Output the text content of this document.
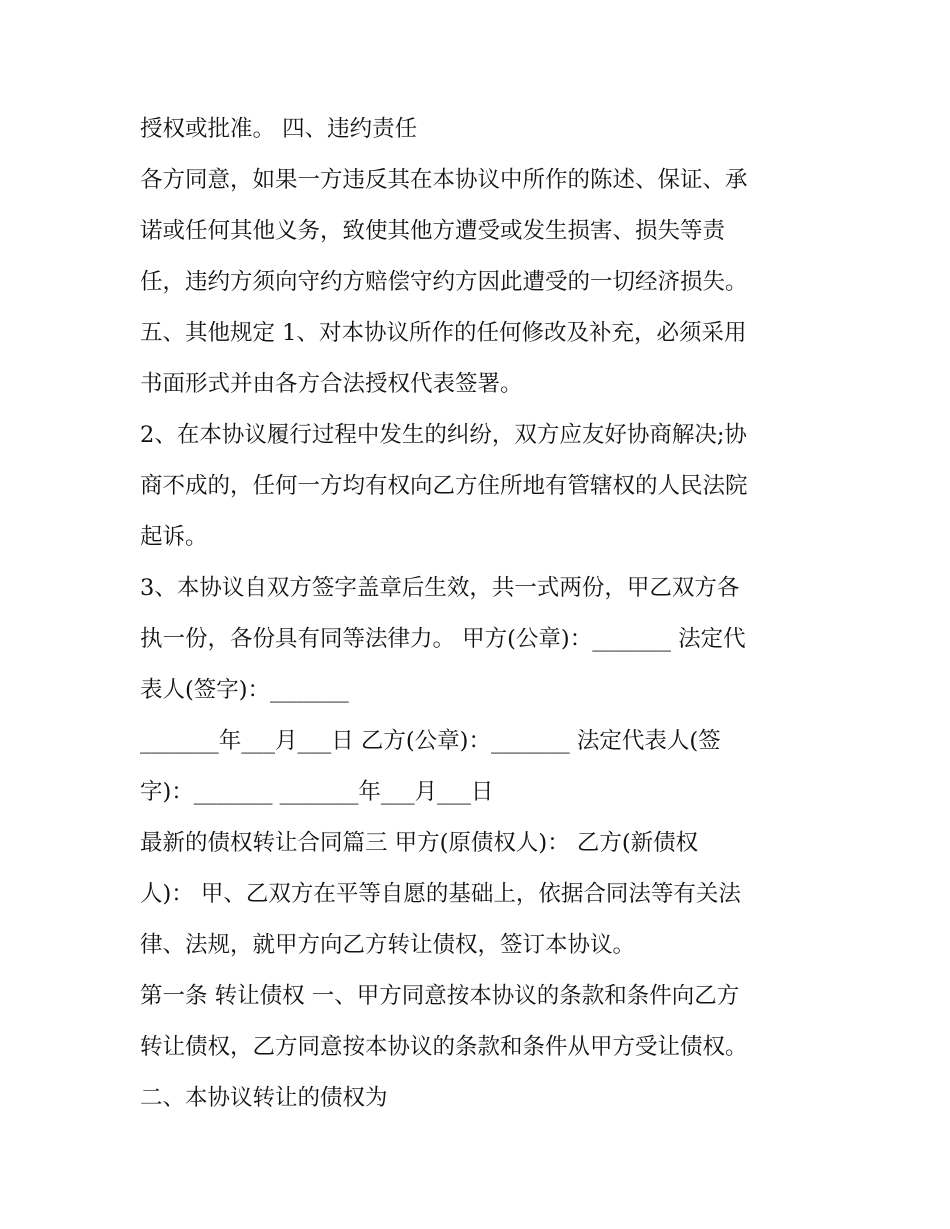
授权或批准。 四、违约责任
各方同意，如果一方违反其在本协议中所作的陈述、保证、承
诺或任何其他义务，致使其他方遭受或发生损害、损失等责
任，违约方须向守约方赔偿守约方因此遭受的一切经济损失。
五、其他规定 1、对本协议所作的任何修改及补充，必须采用
书面形式并由各方合法授权代表签署。
2、在本协议履行过程中发生的纠纷，双方应友好协商解决;协
商不成的，任何一方均有权向乙方住所地有管辖权的人民法院
起诉。
3、本协议自双方签字盖章后生效，共一式两份，甲乙双方各
执一份，各份具有同等法律力。 甲方(公章)：_______ 法定代
表人(签字)：_______
_______年___月___日 乙方(公章)：_______ 法定代表人(签
字)：_______ _______年___月___日
最新的债权转让合同篇三 甲方(原债权人)： 乙方(新债权
人)： 甲、乙双方在平等自愿的基础上，依据合同法等有关法
律、法规，就甲方向乙方转让债权，签订本协议。
第一条 转让债权 一、甲方同意按本协议的条款和条件向乙方
转让债权，乙方同意按本协议的条款和条件从甲方受让债权。
二、本协议转让的债权为
